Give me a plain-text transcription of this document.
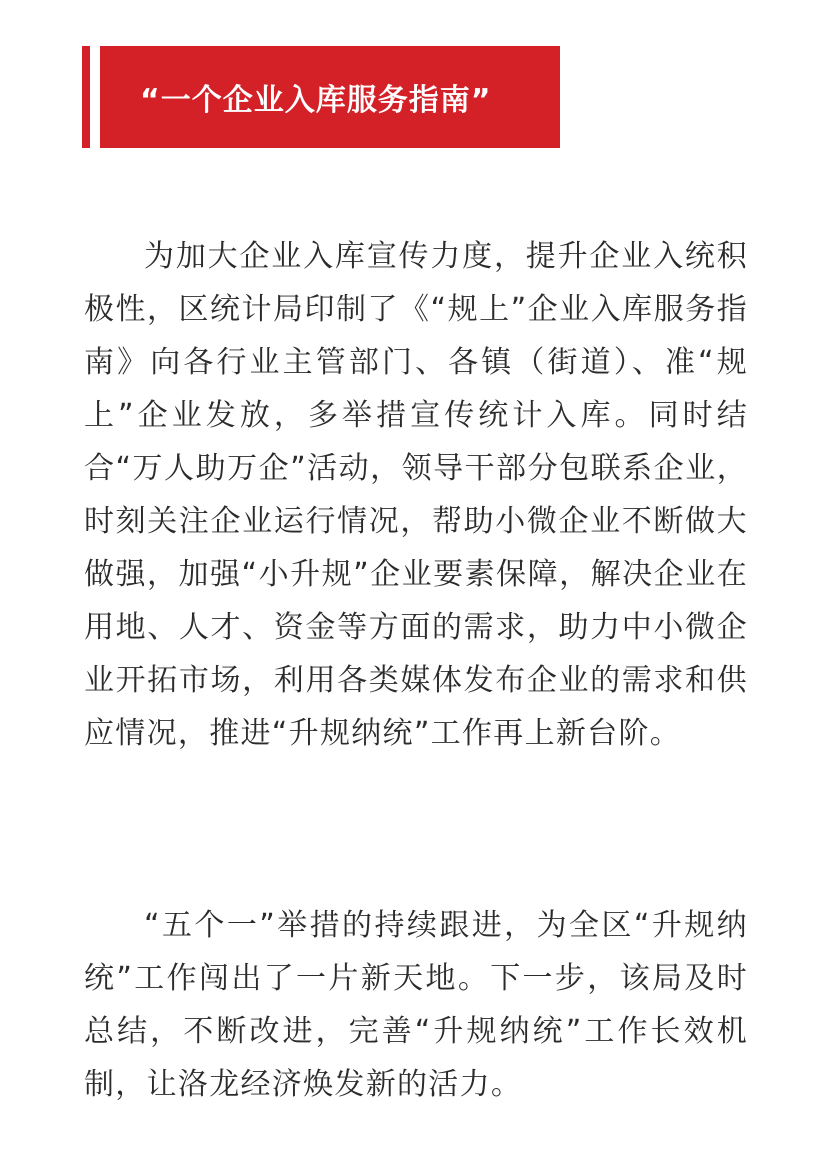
“一个企业入库服务指南”

为加大企业入库宣传力度，提升企业入统积极性，区统计局印制了《“规上”企业入库服务指南》向各行业主管部门、各镇（街道）、准“规上”企业发放，多举措宣传统计入库。同时结合“万人助万企”活动，领导干部分包联系企业，时刻关注企业运行情况，帮助小微企业不断做大做强，加强“小升规”企业要素保障，解决企业在用地、人才、资金等方面的需求，助力中小微企业开拓市场，利用各类媒体发布企业的需求和供应情况，推进“升规纳统”工作再上新台阶。

“五个一”举措的持续跟进，为全区“升规纳统”工作闯出了一片新天地。下一步，该局及时总结，不断改进，完善“升规纳统”工作长效机制，让洛龙经济焕发新的活力。
